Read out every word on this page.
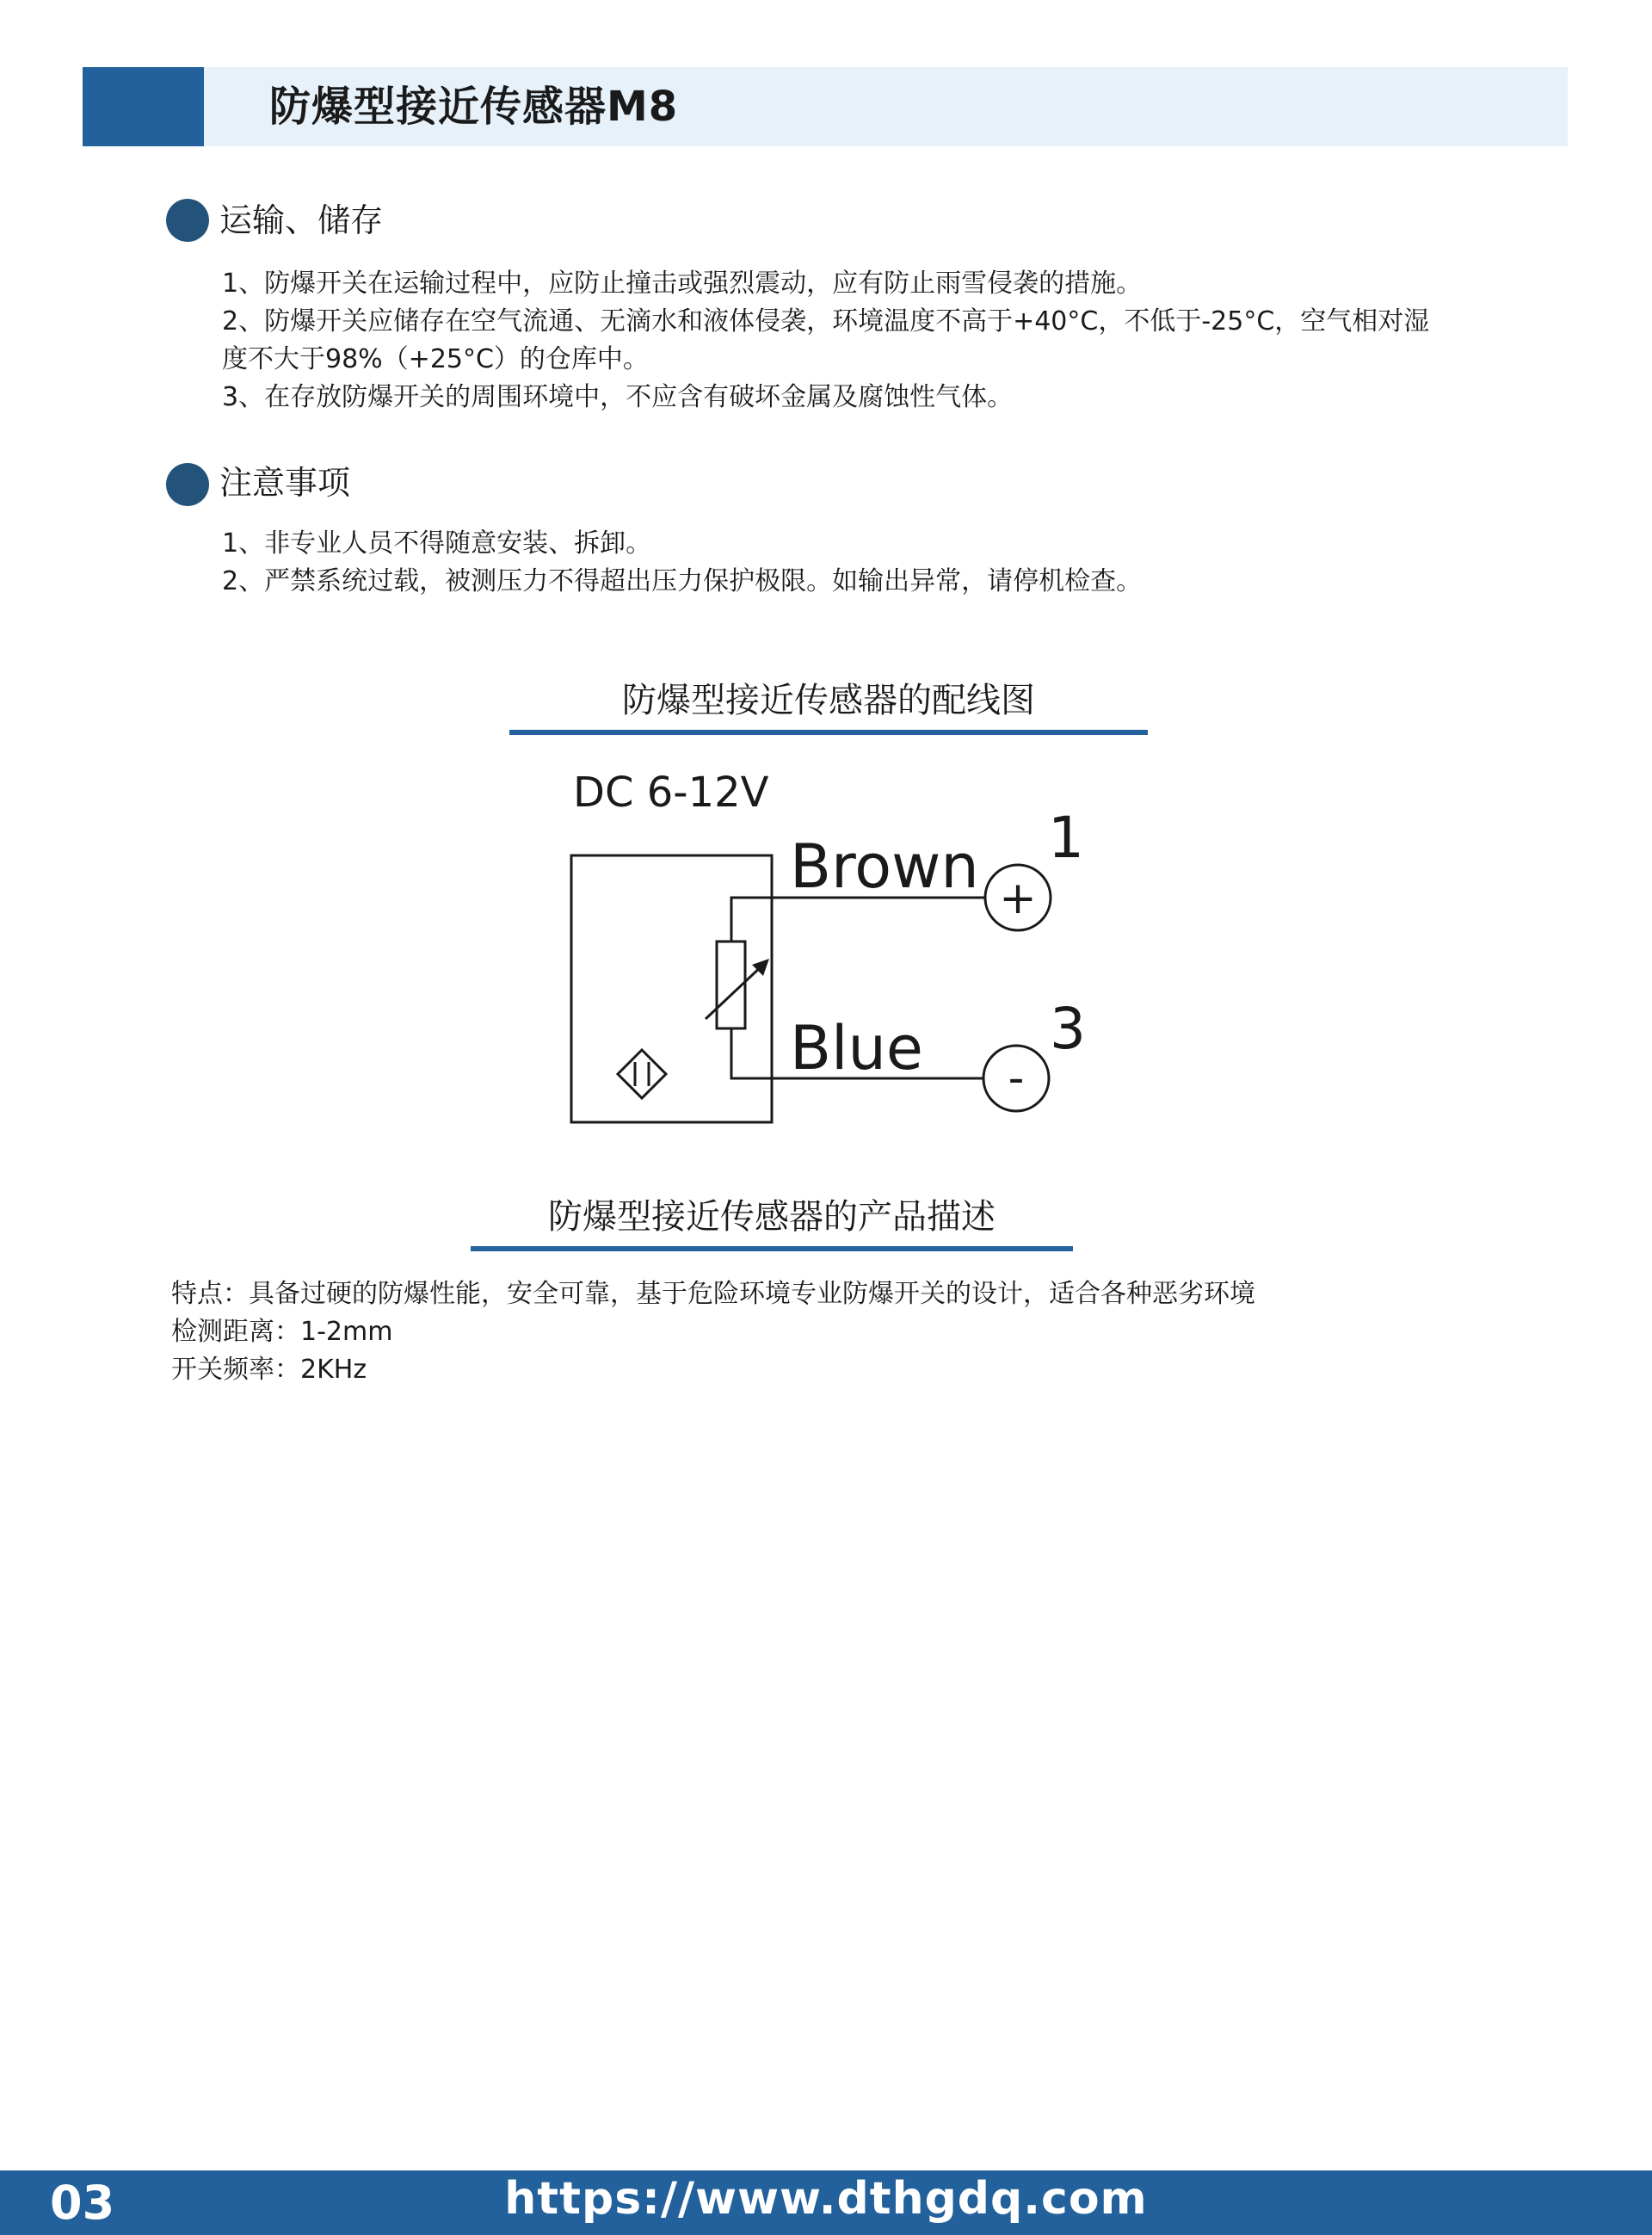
防爆型接近传感器M8
运输、储存
1、防爆开关在运输过程中，应防止撞击或强烈震动，应有防止雨雪侵袭的措施。
2、防爆开关应储存在空气流通、无滴水和液体侵袭，环境温度不高于+40°C，不低于-25°C，空气相对湿
度不大于98%（+25°C）的仓库中。
3、在存放防爆开关的周围环境中，不应含有破坏金属及腐蚀性气体。
注意事项
1、非专业人员不得随意安装、拆卸。
2、严禁系统过载，被测压力不得超出压力保护极限。如输出异常，请停机检查。
防爆型接近传感器的配线图
DC 6-12V
Brown
Blue
+
-
1
3
防爆型接近传感器的产品描述
特点：具备过硬的防爆性能，安全可靠，基于危险环境专业防爆开关的设计，适合各种恶劣环境
检测距离：1-2mm
开关频率：2KHz
03	https://www.dthgdq.com
